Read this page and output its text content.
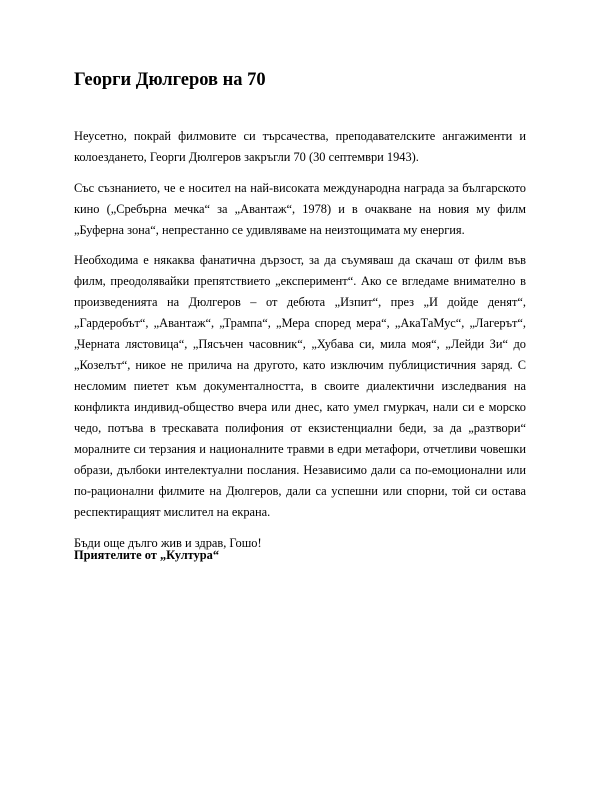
Георги Дюлгеров на 70

Неусетно, покрай филмовите си търсачества, преподавателските ангажименти и колоездането, Георги Дюлгеров закръгли 70 (30 септември 1943).

Със съзнанието, че е носител на най-високата международна награда за българското кино („Сребърна мечка“ за „Авантаж“, 1978) и в очакване на новия му филм „Буферна зона“, непрестанно се удивляваме на неизтощимата му енергия.

Необходима е някаква фанатична дързост, за да съумяваш да скачаш от филм във филм, преодолявайки препятствието „експеримент“. Ако се вгледаме внимателно в произведенията на Дюлгеров – от дебюта „Изпит“, през „И дойде денят“, „Гардеробът“, „Авантаж“, „Трампа“, „Мера според мера“, „АкаТаМус“, „Лагерът“, „Черната лястовица“, „Пясъчен часовник“, „Хубава си, мила моя“, „Лейди Зи“ до „Козелът“, никое не прилича на другото, като изключим публицистичния заряд. С несломим пиетет към документалността, в своите диалектични изследвания на конфликта индивид-общество вчера или днес, като умел гмуркач, нали си е морско чедо, потъва в трескавата полифония от екзистенциални беди, за да „разтвори“ моралните си терзания и националните травми в едри метафори, отчетливи човешки образи, дълбоки интелектуални послания. Независимо дали са по-емоционални или по-рационални филмите на Дюлгеров, дали са успешни или спорни, той си остава респектиращият мислител на екрана.

Бъди още дълго жив и здрав, Гошо!

Приятелите от „Култура“
